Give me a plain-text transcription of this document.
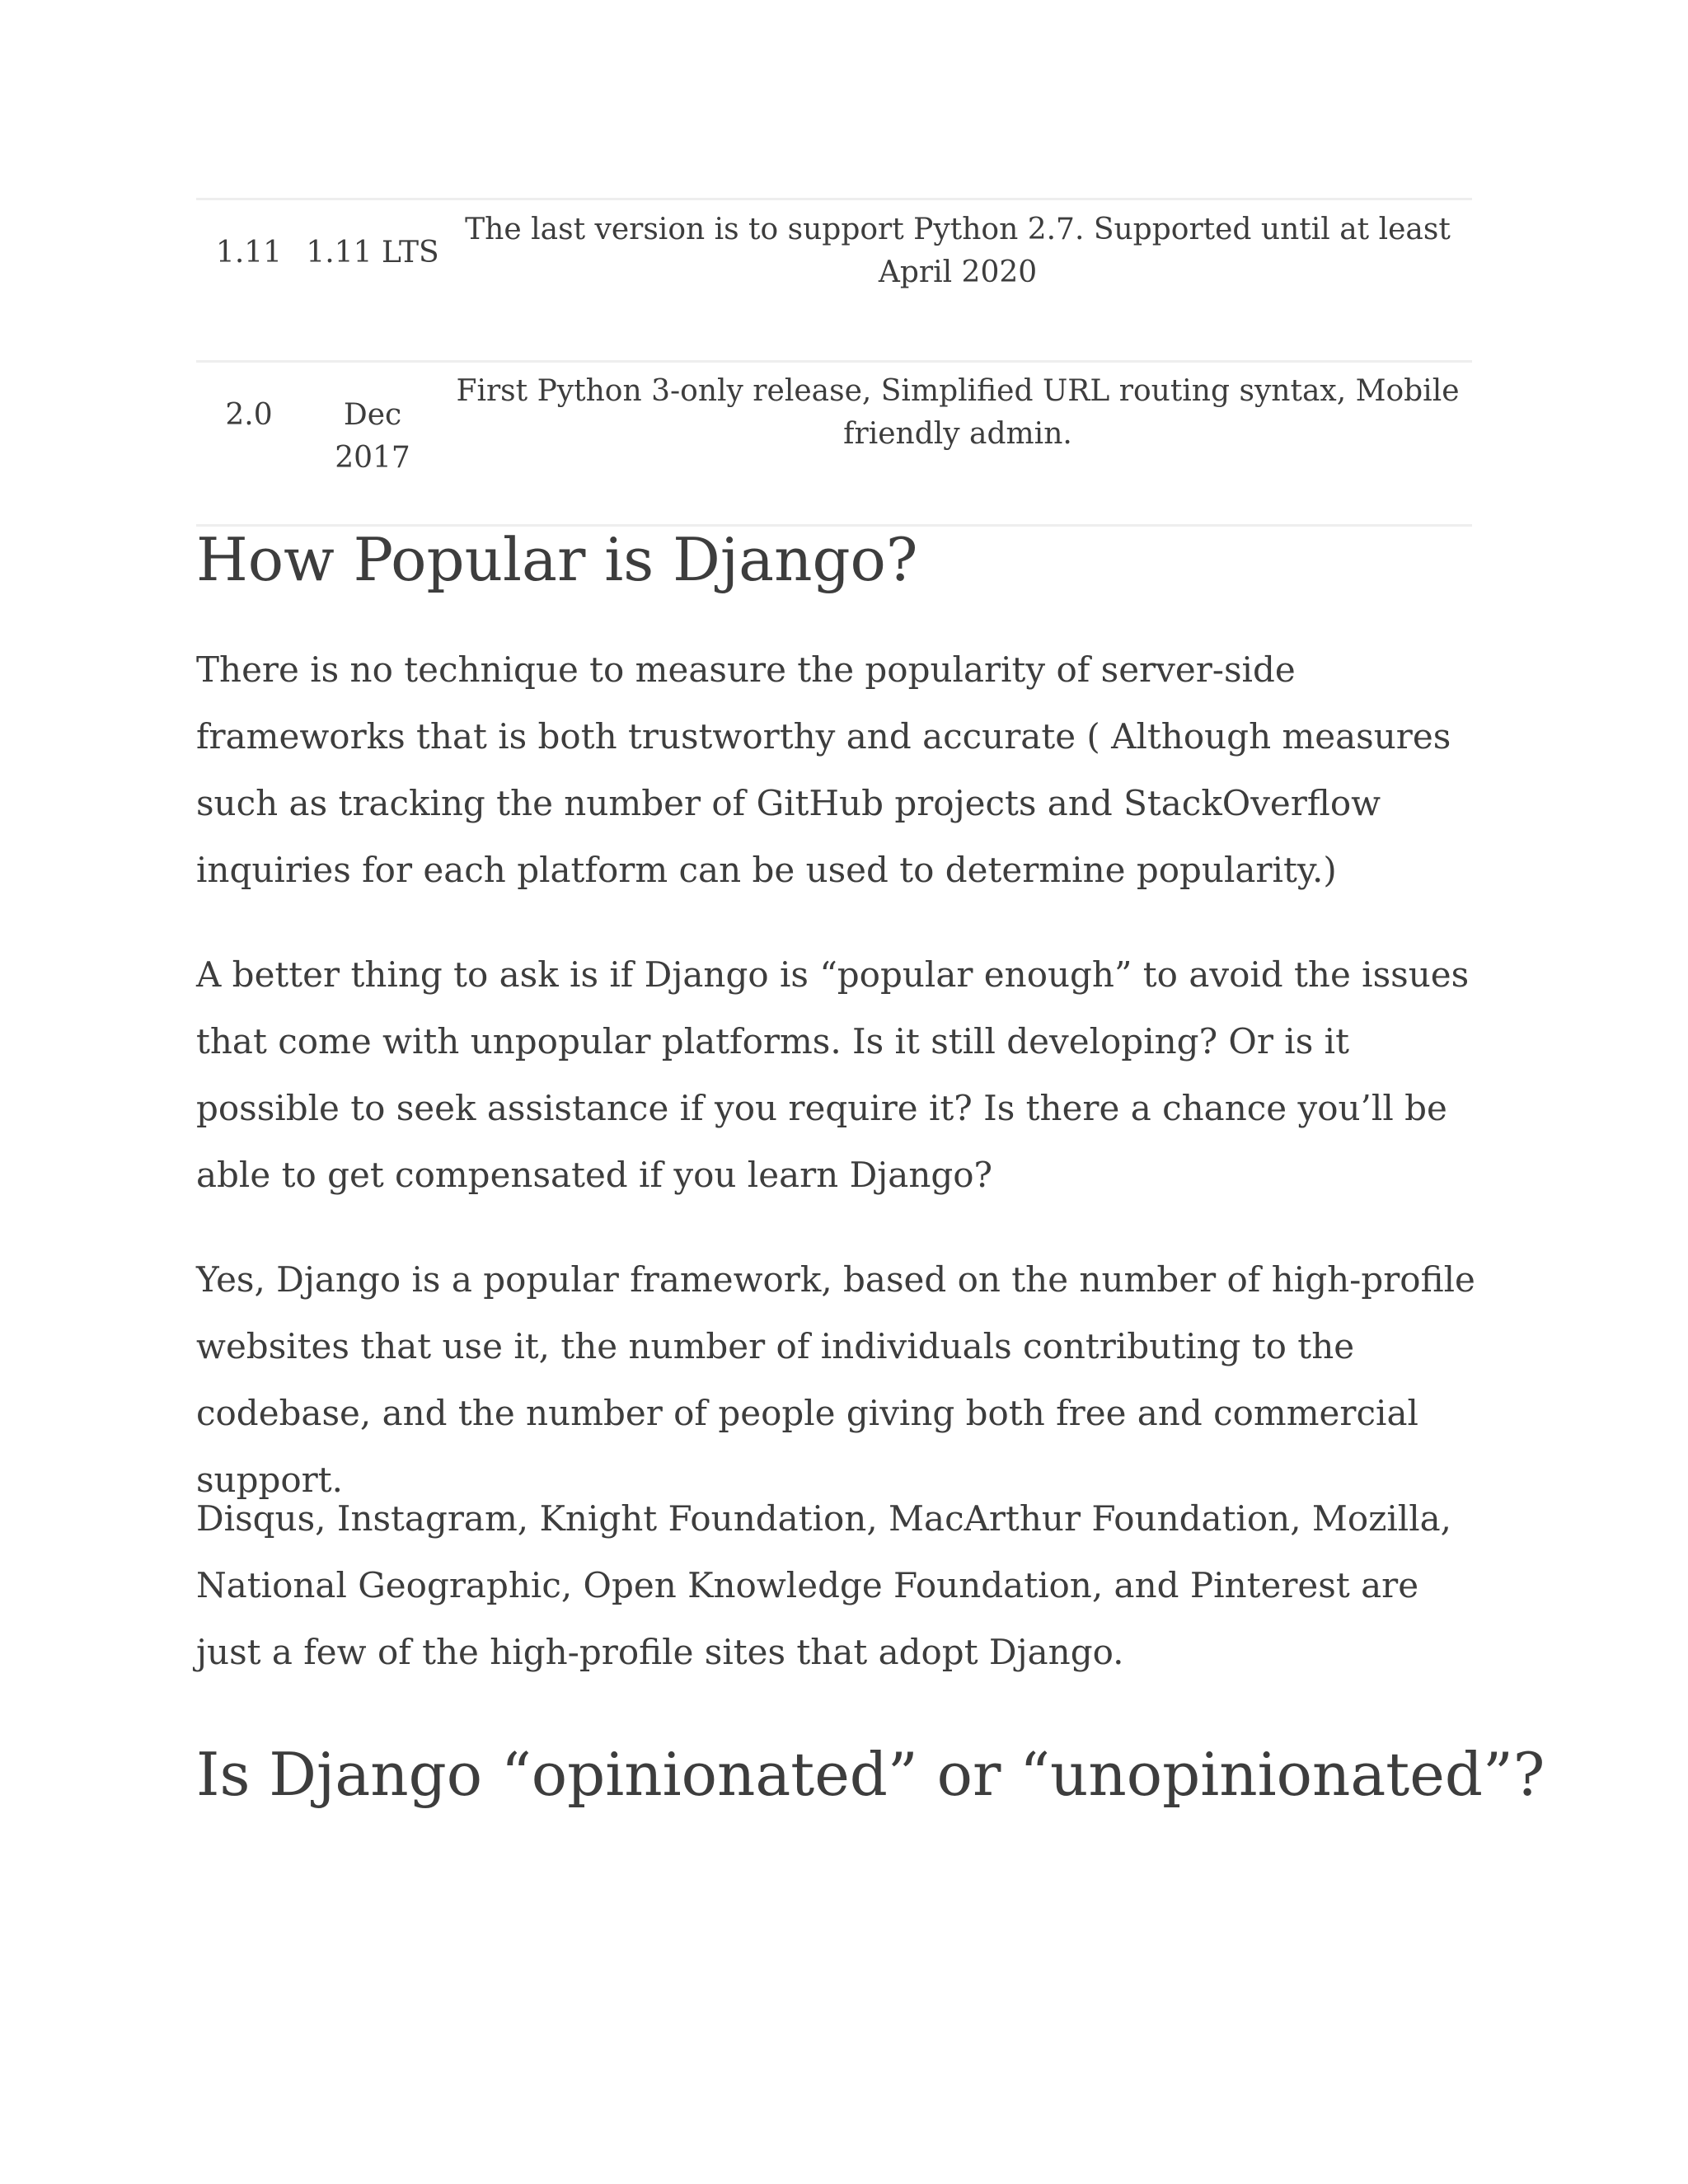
1.11	1.11 LTS	The last version is to support Python 2.7. Supported until at least April 2020

2.0	Dec 2017	First Python 3-only release, Simplified URL routing syntax, Mobile friendly admin.
How Popular is Django?

There is no technique to measure the popularity of server-side frameworks that is both trustworthy and accurate ( Although measures such as tracking the number of GitHub projects and StackOverflow inquiries for each platform can be used to determine popularity.)

A better thing to ask is if Django is “popular enough” to avoid the issues that come with unpopular platforms. Is it still developing? Or is it possible to seek assistance if you require it? Is there a chance you’ll be able to get compensated if you learn Django?

Yes, Django is a popular framework, based on the number of high-profile websites that use it, the number of individuals contributing to the codebase, and the number of people giving both free and commercial support.

Disqus, Instagram, Knight Foundation, MacArthur Foundation, Mozilla, National Geographic, Open Knowledge Foundation, and Pinterest are just a few of the high-profile sites that adopt Django.

Is Django “opinionated” or “unopinionated”?
